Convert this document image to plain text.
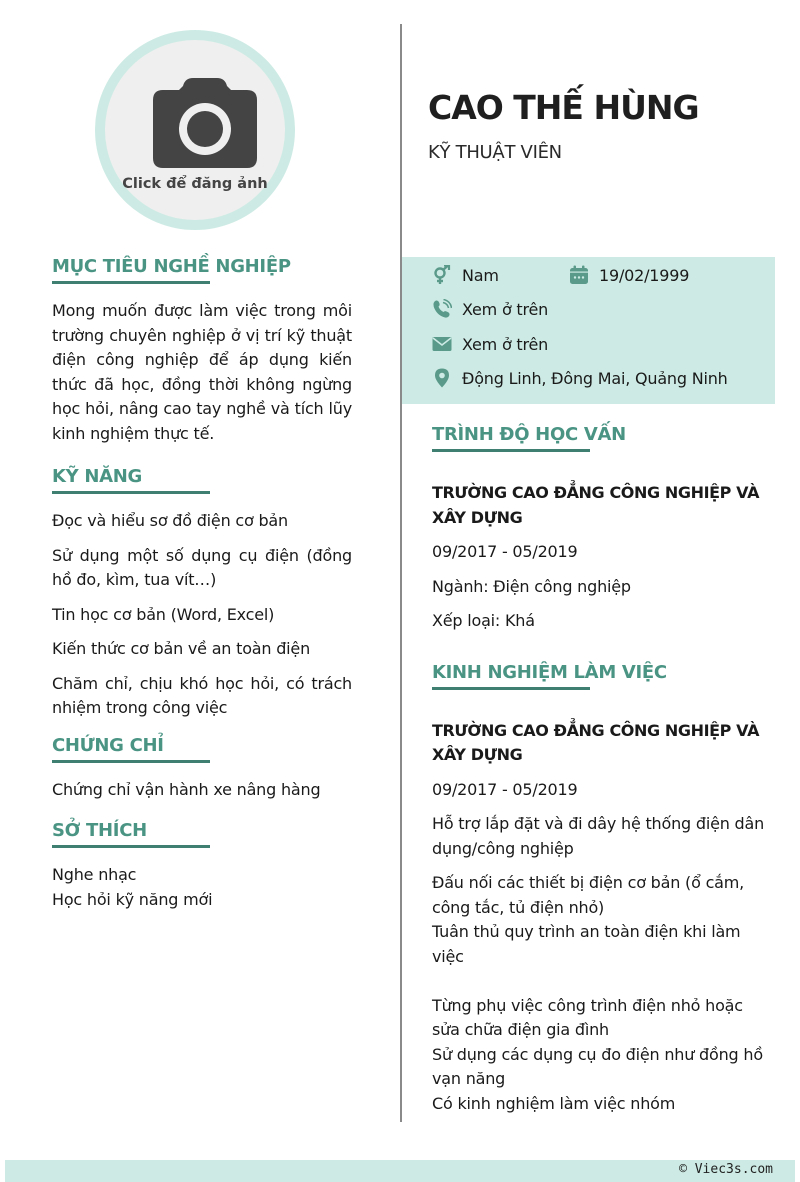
Click để đăng ảnh
MỤC TIÊU NGHỀ NGHIỆP
Mong muốn được làm việc trong môi trường chuyên nghiệp ở vị trí kỹ thuật điện công nghiệp để áp dụng kiến thức đã học, đồng thời không ngừng học hỏi, nâng cao tay nghề và tích lũy kinh nghiệm thực tế.
KỸ NĂNG
Đọc và hiểu sơ đồ điện cơ bản
Sử dụng một số dụng cụ điện (đồng hồ đo, kìm, tua vít…)
Tin học cơ bản (Word, Excel)
Kiến thức cơ bản về an toàn điện
Chăm chỉ, chịu khó học hỏi, có trách nhiệm trong công việc
CHỨNG CHỈ
Chứng chỉ vận hành xe nâng hàng
SỞ THÍCH
Nghe nhạc
Học hỏi kỹ năng mới
CAO THẾ HÙNG
KỸ THUẬT VIÊN
Nam	19/02/1999
Xem ở trên
Xem ở trên
Động Linh, Đông Mai, Quảng Ninh
TRÌNH ĐỘ HỌC VẤN
TRƯỜNG CAO ĐẲNG CÔNG NGHIỆP VÀ XÂY DỰNG
09/2017 - 05/2019
Ngành: Điện công nghiệp
Xếp loại: Khá
KINH NGHIỆM LÀM VIỆC
TRƯỜNG CAO ĐẲNG CÔNG NGHIỆP VÀ XÂY DỰNG
09/2017 - 05/2019
Hỗ trợ lắp đặt và đi dây hệ thống điện dân dụng/công nghiệp
Đấu nối các thiết bị điện cơ bản (ổ cắm, công tắc, tủ điện nhỏ)
Tuân thủ quy trình an toàn điện khi làm việc
Từng phụ việc công trình điện nhỏ hoặc sửa chữa điện gia đình
Sử dụng các dụng cụ đo điện như đồng hồ vạn năng
Có kinh nghiệm làm việc nhóm
© Viec3s.com
